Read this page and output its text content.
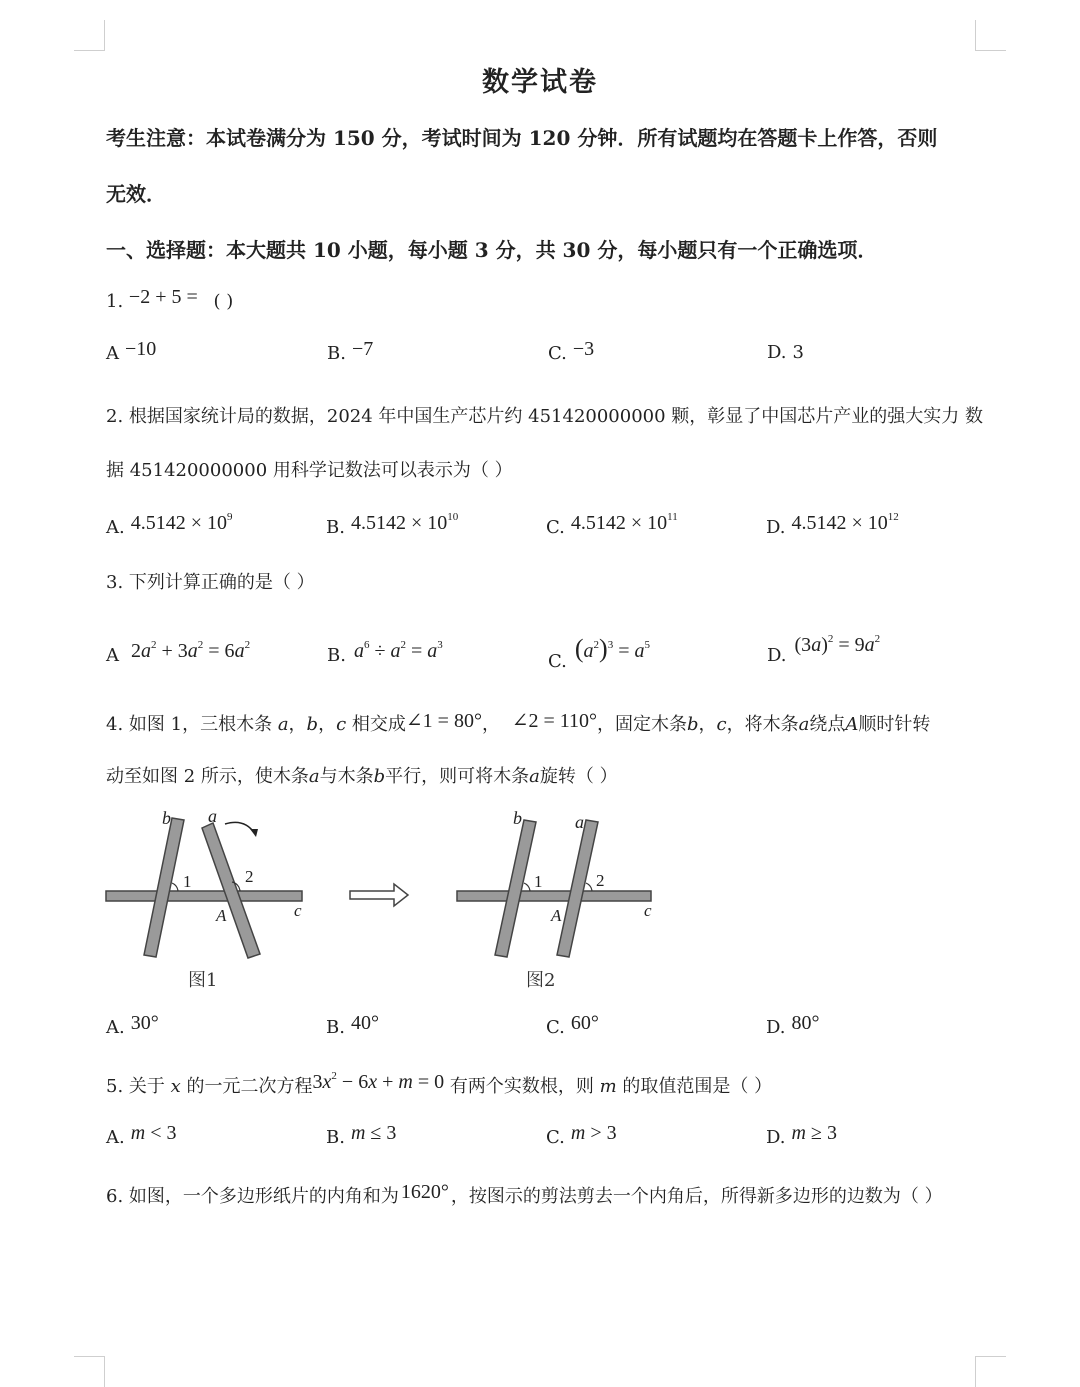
数学试卷
考生注意：本试卷满分为 150 分，考试时间为 120 分钟．所有试题均在答题卡上作答，否则
无效．
一、选择题：本大题共 10 小题，每小题 3 分，共 30 分，每小题只有一个正确选项．
1. −2 + 5 = ( )
A −10	B. −7	C. −3	D. 3
2. 根据国家统计局的数据，2024 年中国生产芯片约 451420000000 颗，彰显了中国芯片产业的强大实力 数
据 451420000000 用科学记数法可以表示为（ ）
A. $4.5142 \times 10^9$	B. $4.5142 \times 10^{10}$	C. $4.5142 \times 10^{11}$	D. $4.5142 \times 10^{12}$
3. 下列计算正确的是（ ）
A $2a^2 + 3a^2 = 6a^2$	B. $a^6 \div a^2 = a^3$
C. $(a^2)^3 = a^5$	D. $(3a)^2 = 9a^2$
4. 如图 1，三根木条 a，b，c 相交成∠1 = 80°， ∠2 = 110°，固定木条b，c，将木条a绕点A顺时针转
动至如图 2 所示，使木条a与木条b平行，则可将木条a旋转（ ）
b a
1	2
A	c
图1
b	a
1	2
A	c
图2
A. 30°	B. 40°	C. 60°	D. 80°
5. 关于 x 的一元二次方程$3x^2 - 6x + m = 0$ 有两个实数根，则 m 的取值范围是（ ）
A. m < 3	B. m ≤ 3	C. m > 3	D. m ≥ 3
6. 如图，一个多边形纸片的内角和为 1620° ，按图示的剪法剪去一个内角后，所得新多边形的边数为（ ）
